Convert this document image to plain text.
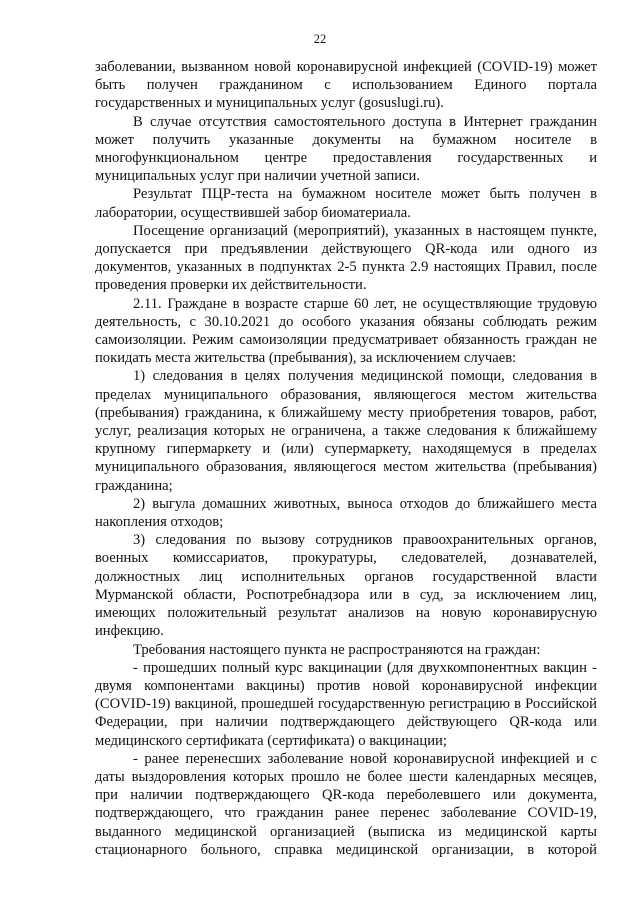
22

заболевании, вызванном новой коронавирусной инфекцией (COVID-19) может быть получен гражданином с использованием Единого портала государственных и муниципальных услуг (gosuslugi.ru).

В случае отсутствия самостоятельного доступа в Интернет гражданин может получить указанные документы на бумажном носителе в многофункциональном центре предоставления государственных и муниципальных услуг при наличии учетной записи.

Результат ПЦР-теста на бумажном носителе может быть получен в лаборатории, осуществившей забор биоматериала.

Посещение организаций (мероприятий), указанных в настоящем пункте, допускается при предъявлении действующего QR-кода или одного из документов, указанных в подпунктах 2-5 пункта 2.9 настоящих Правил, после проведения проверки их действительности.

2.11. Граждане в возрасте старше 60 лет, не осуществляющие трудовую деятельность, с 30.10.2021 до особого указания обязаны соблюдать режим самоизоляции. Режим самоизоляции предусматривает обязанность граждан не покидать места жительства (пребывания), за исключением случаев:

1) следования в целях получения медицинской помощи, следования в пределах муниципального образования, являющегося местом жительства (пребывания) гражданина, к ближайшему месту приобретения товаров, работ, услуг, реализация которых не ограничена, а также следования к ближайшему крупному гипермаркету и (или) супермаркету, находящемуся в пределах муниципального образования, являющегося местом жительства (пребывания) гражданина;

2) выгула домашних животных, выноса отходов до ближайшего места накопления отходов;

3) следования по вызову сотрудников правоохранительных органов, военных комиссариатов, прокуратуры, следователей, дознавателей, должностных лиц исполнительных органов государственной власти Мурманской области, Роспотребнадзора или в суд, за исключением лиц, имеющих положительный результат анализов на новую коронавирусную инфекцию.

Требования настоящего пункта не распространяются на граждан:

- прошедших полный курс вакцинации (для двухкомпонентных вакцин - двумя компонентами вакцины) против новой коронавирусной инфекции (COVID-19) вакциной, прошедшей государственную регистрацию в Российской Федерации, при наличии подтверждающего действующего QR-кода или медицинского сертификата (сертификата) о вакцинации;

- ранее перенесших заболевание новой коронавирусной инфекцией и с даты выздоровления которых прошло не более шести календарных месяцев, при наличии подтверждающего QR-кода переболевшего или документа, подтверждающего, что гражданин ранее перенес заболевание COVID-19, выданного медицинской организацией (выписка из медицинской карты стационарного больного, справка медицинской организации, в которой
